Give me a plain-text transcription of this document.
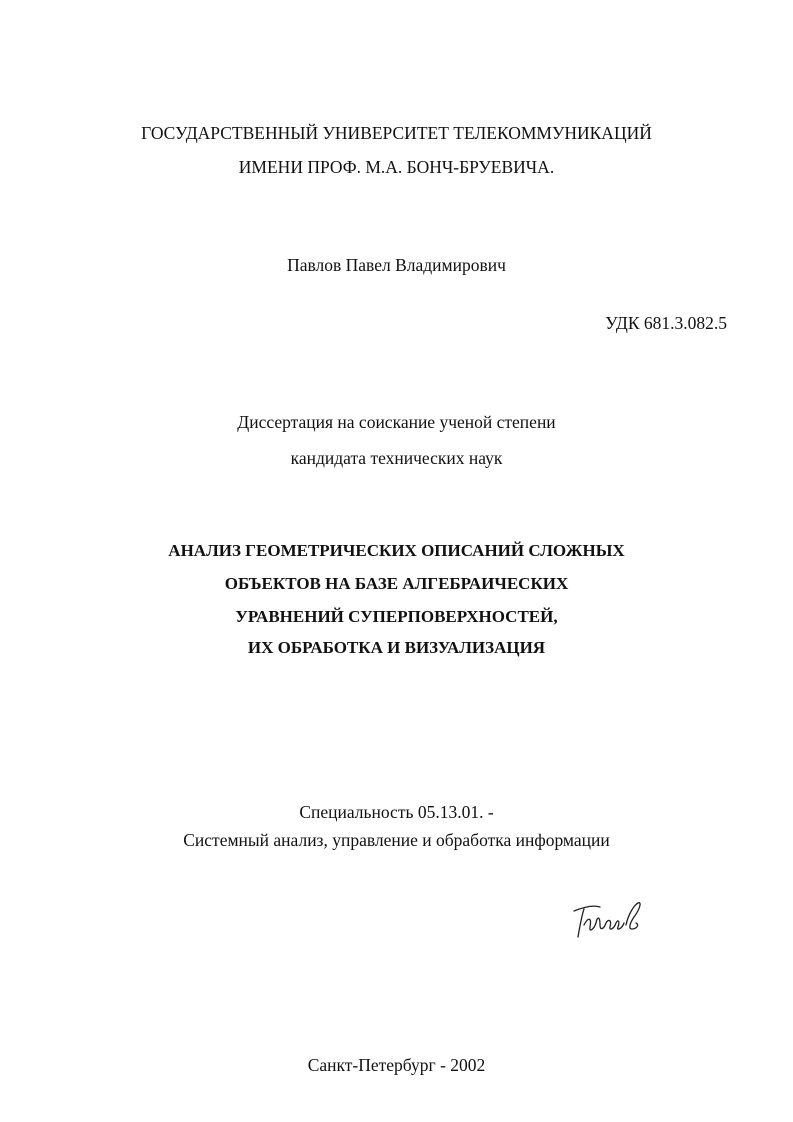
ГОСУДАРСТВЕННЫЙ УНИВЕРСИТЕТ ТЕЛЕКОММУНИКАЦИЙ
ИМЕНИ ПРОФ. М.А. БОНЧ-БРУЕВИЧА.
Павлов Павел Владимирович
УДК 681.3.082.5
Диссертация на соискание ученой степени
кандидата технических наук
АНАЛИЗ ГЕОМЕТРИЧЕСКИХ ОПИСАНИЙ СЛОЖНЫХ
ОБЪЕКТОВ НА БАЗЕ АЛГЕБРАИЧЕСКИХ
УРАВНЕНИЙ СУПЕРПОВЕРХНОСТЕЙ,
ИХ ОБРАБОТКА И ВИЗУАЛИЗАЦИЯ
Специальность 05.13.01. -
Системный анализ, управление и обработка информации
Санкт-Петербург - 2002
